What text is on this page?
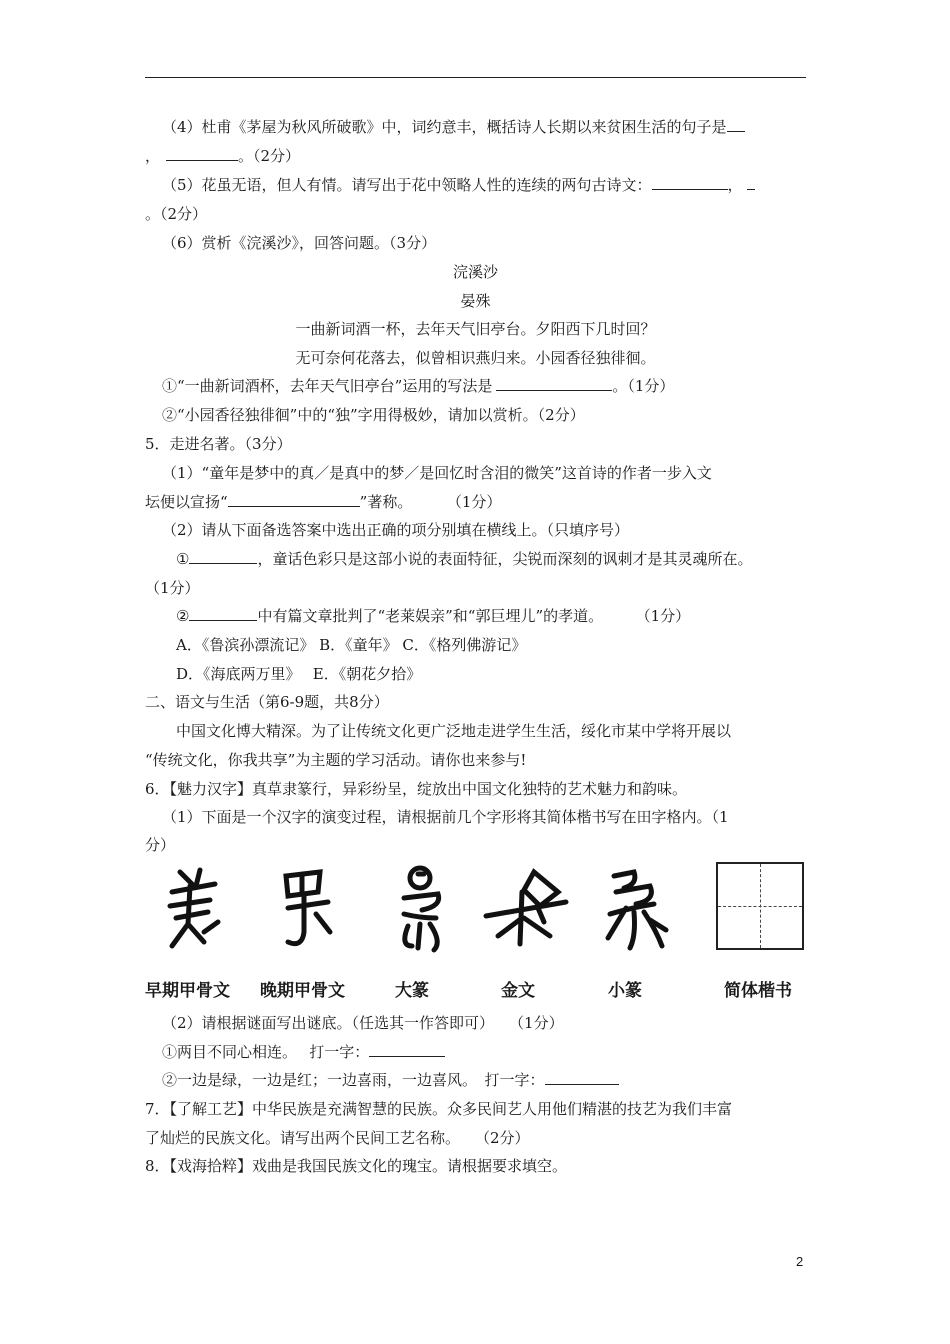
（4）杜甫《茅屋为秋风所破歌》中，词约意丰，概括诗人长期以来贫困生活的句子是
，	。（2分）
（5）花虽无语，但人有情。请写出于花中领略人性的连续的两句古诗文：	，
。（2分）
（6）赏析《浣溪沙》，回答问题。（3分）
浣溪沙
晏殊
一曲新词酒一杯，去年天气旧亭台。夕阳西下几时回？
无可奈何花落去，似曾相识燕归来。小园香径独徘徊。
①“一曲新词酒杯，去年天气旧亭台”运用的写法是	。（1分）
②“小园香径独徘徊”中的“独”字用得极妙，请加以赏析。（2分）
5．走进名著。（3分）
（1）“童年是梦中的真／是真中的梦／是回忆时含泪的微笑”这首诗的作者一步入文
坛便以宣扬“	”著称。	（1分）
（2）请从下面备选答案中选出正确的项分别填在横线上。（只填序号）
①	，童话色彩只是这部小说的表面特征，尖锐而深刻的讽刺才是其灵魂所在。
（1分）
②	中有篇文章批判了“老莱娱亲”和“郭巨埋儿”的孝道。	（1分）
A．《鲁滨孙漂流记》 B．《童年》 C．《格列佛游记》
D．《海底两万里》　 E．《朝花夕拾》
二、语文与生活（第6-9题，共8分）
中国文化博大精深。为了让传统文化更广泛地走进学生生活，绥化市某中学将开展以
“传统文化，你我共享”为主题的学习活动。请你也来参与!
6．【魅力汉字】真草隶篆行，异彩纷呈，绽放出中国文化独特的艺术魅力和韵味。
（1）下面是一个汉字的演变过程，请根据前几个字形将其简体楷书写在田字格内。（1
分）
早期甲骨文 晚期甲骨文	大篆	金文	小篆	简体楷书
（2）请根据谜面写出谜底。（任选其一作答即可）　　（1分）
①两目不同心相连。　 打一字：
②一边是绿，一边是红；一边喜雨，一边喜风。　打一字：
7．【了解工艺】中华民族是充满智慧的民族。众多民间艺人用他们精湛的技艺为我们丰富
了灿烂的民族文化。请写出两个民间工艺名称。　　（2分）
8．【戏海拾粹】戏曲是我国民族文化的瑰宝。请根据要求填空。
2
